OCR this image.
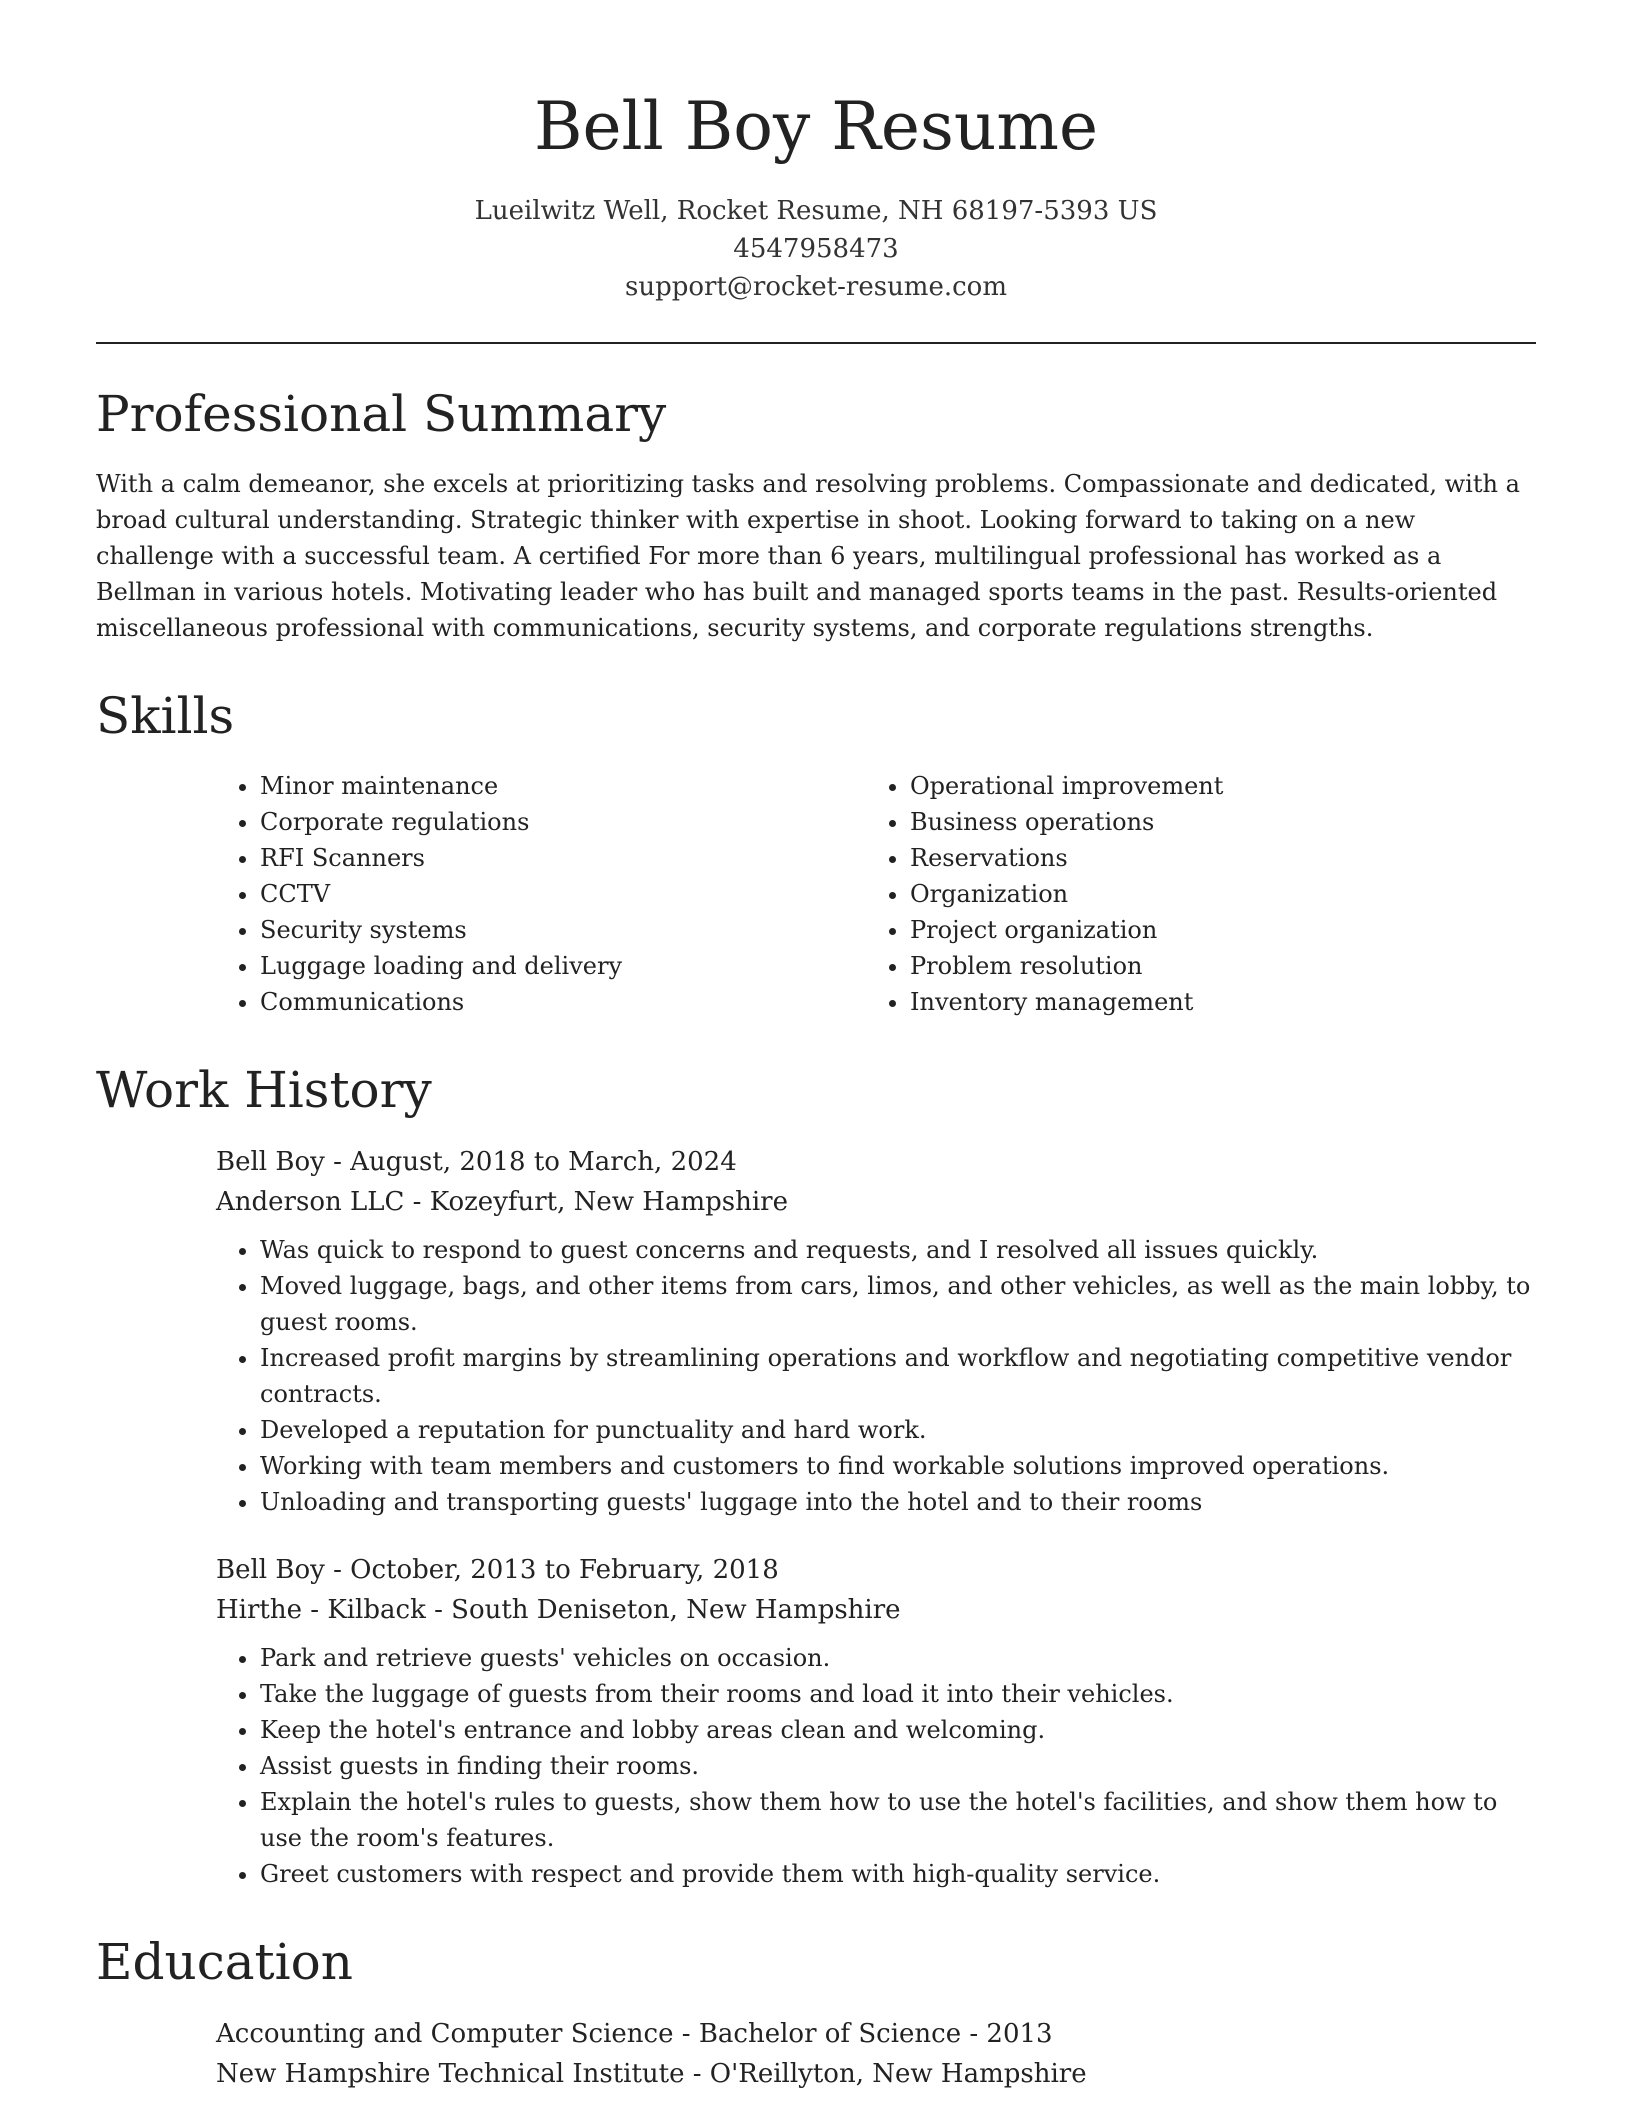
Bell Boy Resume
Lueilwitz Well, Rocket Resume, NH 68197-5393 US
4547958473
support@rocket-resume.com
Professional Summary

With a calm demeanor, she excels at prioritizing tasks and resolving problems. Compassionate and dedicated, with a broad cultural understanding. Strategic thinker with expertise in shoot. Looking forward to taking on a new challenge with a successful team. A certified For more than 6 years, multilingual professional has worked as a Bellman in various hotels. Motivating leader who has built and managed sports teams in the past. Results-oriented miscellaneous professional with communications, security systems, and corporate regulations strengths.

Skills
• Minor maintenance
• Corporate regulations
• RFI Scanners
• CCTV
• Security systems
• Luggage loading and delivery
• Communications
• Operational improvement
• Business operations
• Reservations
• Organization
• Project organization
• Problem resolution
• Inventory management
Work History
Bell Boy - August, 2018 to March, 2024
Anderson LLC - Kozeyfurt, New Hampshire
• Was quick to respond to guest concerns and requests, and I resolved all issues quickly.
• Moved luggage, bags, and other items from cars, limos, and other vehicles, as well as the main lobby, to guest rooms.
• Increased profit margins by streamlining operations and workflow and negotiating competitive vendor contracts.
• Developed a reputation for punctuality and hard work.
• Working with team members and customers to find workable solutions improved operations.
• Unloading and transporting guests' luggage into the hotel and to their rooms
Bell Boy - October, 2013 to February, 2018
Hirthe - Kilback - South Deniseton, New Hampshire
• Park and retrieve guests' vehicles on occasion.
• Take the luggage of guests from their rooms and load it into their vehicles.
• Keep the hotel's entrance and lobby areas clean and welcoming.
• Assist guests in finding their rooms.
• Explain the hotel's rules to guests, show them how to use the hotel's facilities, and show them how to use the room's features.
• Greet customers with respect and provide them with high-quality service.
Education
Accounting and Computer Science - Bachelor of Science - 2013
New Hampshire Technical Institute - O'Reillyton, New Hampshire
